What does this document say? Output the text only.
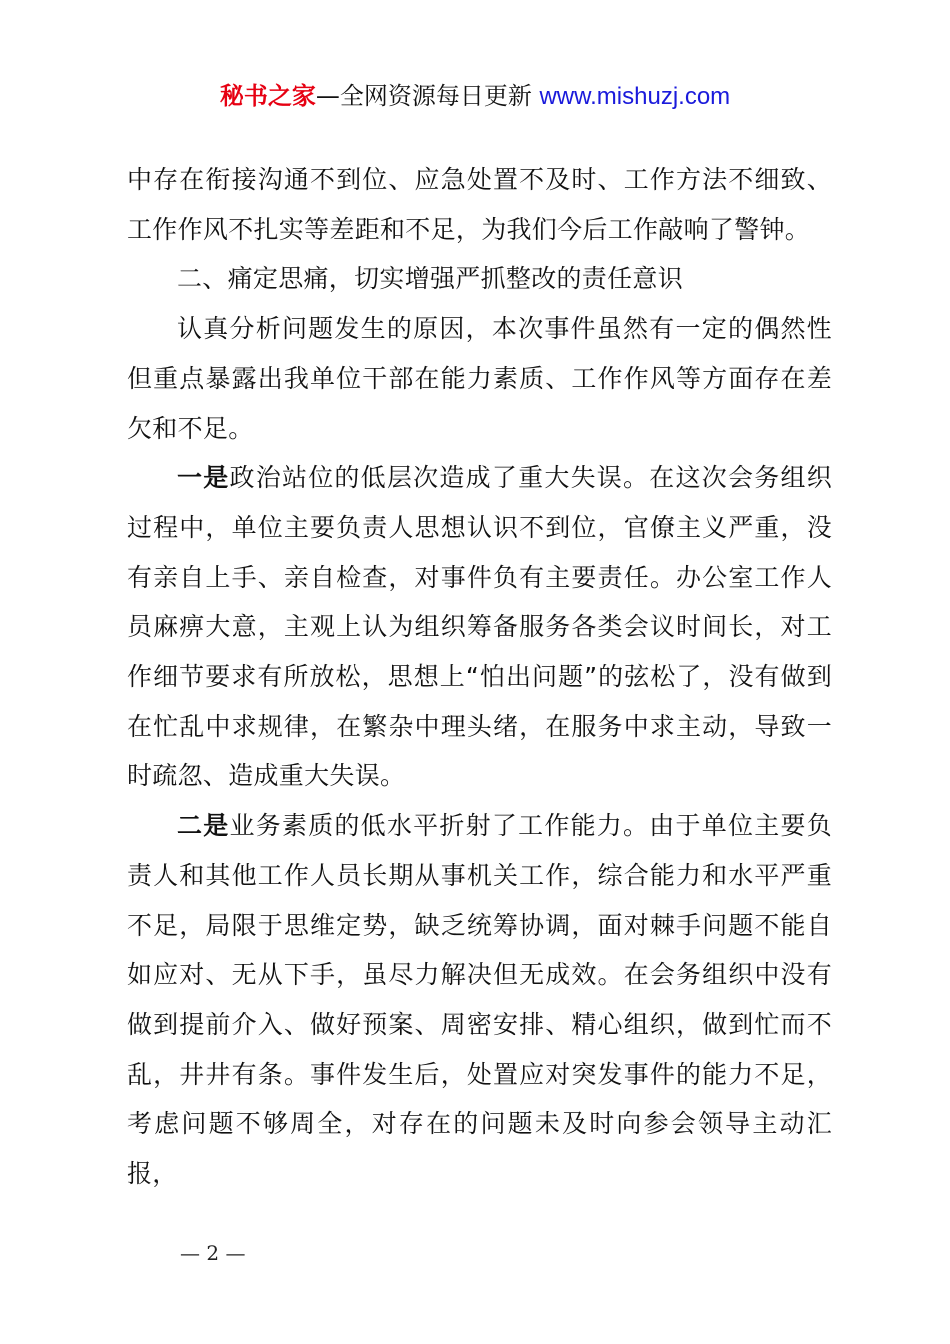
秘书之家—全网资源每日更新 www.mishuzj.com

中存在衔接沟通不到位、应急处置不及时、工作方法不细致、工作作风不扎实等差距和不足，为我们今后工作敲响了警钟。

二、痛定思痛，切实增强严抓整改的责任意识

认真分析问题发生的原因，本次事件虽然有一定的偶然性但重点暴露出我单位干部在能力素质、工作作风等方面存在差欠和不足。

一是政治站位的低层次造成了重大失误。在这次会务组织过程中，单位主要负责人思想认识不到位，官僚主义严重，没有亲自上手、亲自检查，对事件负有主要责任。办公室工作人员麻痹大意，主观上认为组织筹备服务各类会议时间长，对工作细节要求有所放松，思想上“怕出问题”的弦松了，没有做到在忙乱中求规律，在繁杂中理头绪，在服务中求主动，导致一时疏忽、造成重大失误。

二是业务素质的低水平折射了工作能力。由于单位主要负责人和其他工作人员长期从事机关工作，综合能力和水平严重不足，局限于思维定势，缺乏统筹协调，面对棘手问题不能自如应对、无从下手，虽尽力解决但无成效。在会务组织中没有做到提前介入、做好预案、周密安排、精心组织，做到忙而不乱，井井有条。事件发生后，处置应对突发事件的能力不足，考虑问题不够周全，对存在的问题未及时向参会领导主动汇报，

— 2 —
